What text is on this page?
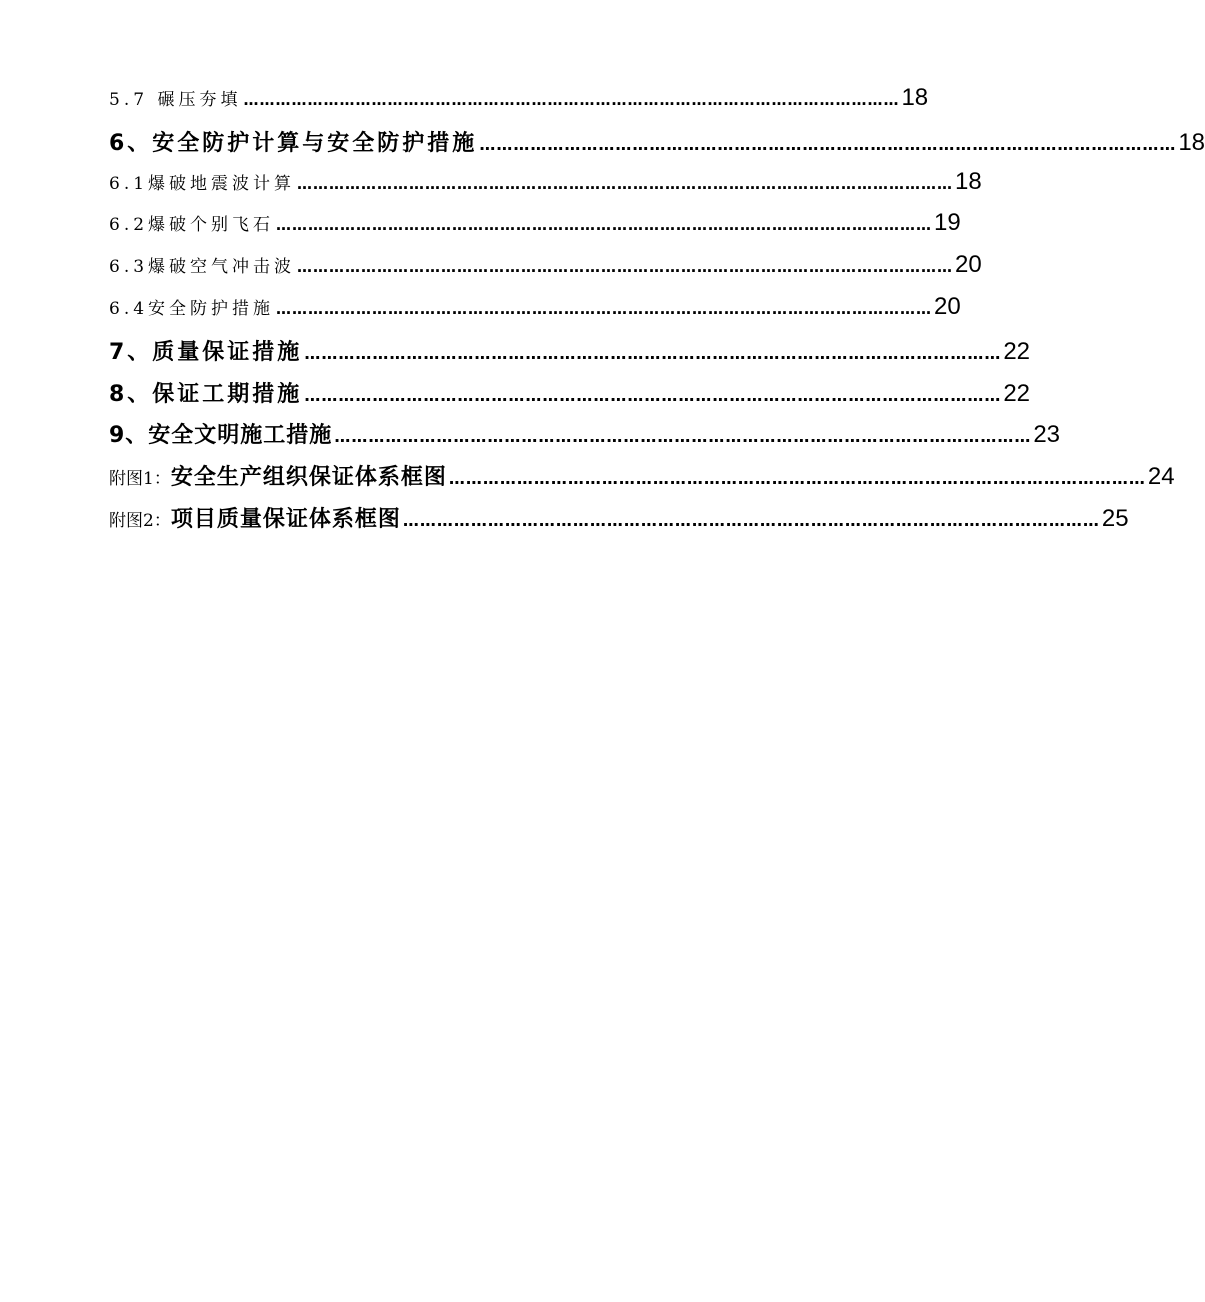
5.7 碾压夯填 …………………………………………………………………………………………………………… 18
6、安全防护计算与安全防护措施 …………………………………………………………………………………………………………… 18
6.1爆破地震波计算 …………………………………………………………………………………………………………… 18
6.2爆破个别飞石 …………………………………………………………………………………………………………… 19
6.3爆破空气冲击波 …………………………………………………………………………………………………………… 20
6.4安全防护措施 …………………………………………………………………………………………………………… 20
7、质量保证措施 …………………………………………………………………………………………………………… 22
8、保证工期措施 …………………………………………………………………………………………………………… 22
9、安全文明施工措施 …………………………………………………………………………………………………………… 23
附图1：安全生产组织保证体系框图 …………………………………………………………………………………………………………… 24
附图2：项目质量保证体系框图 …………………………………………………………………………………………………………… 25
